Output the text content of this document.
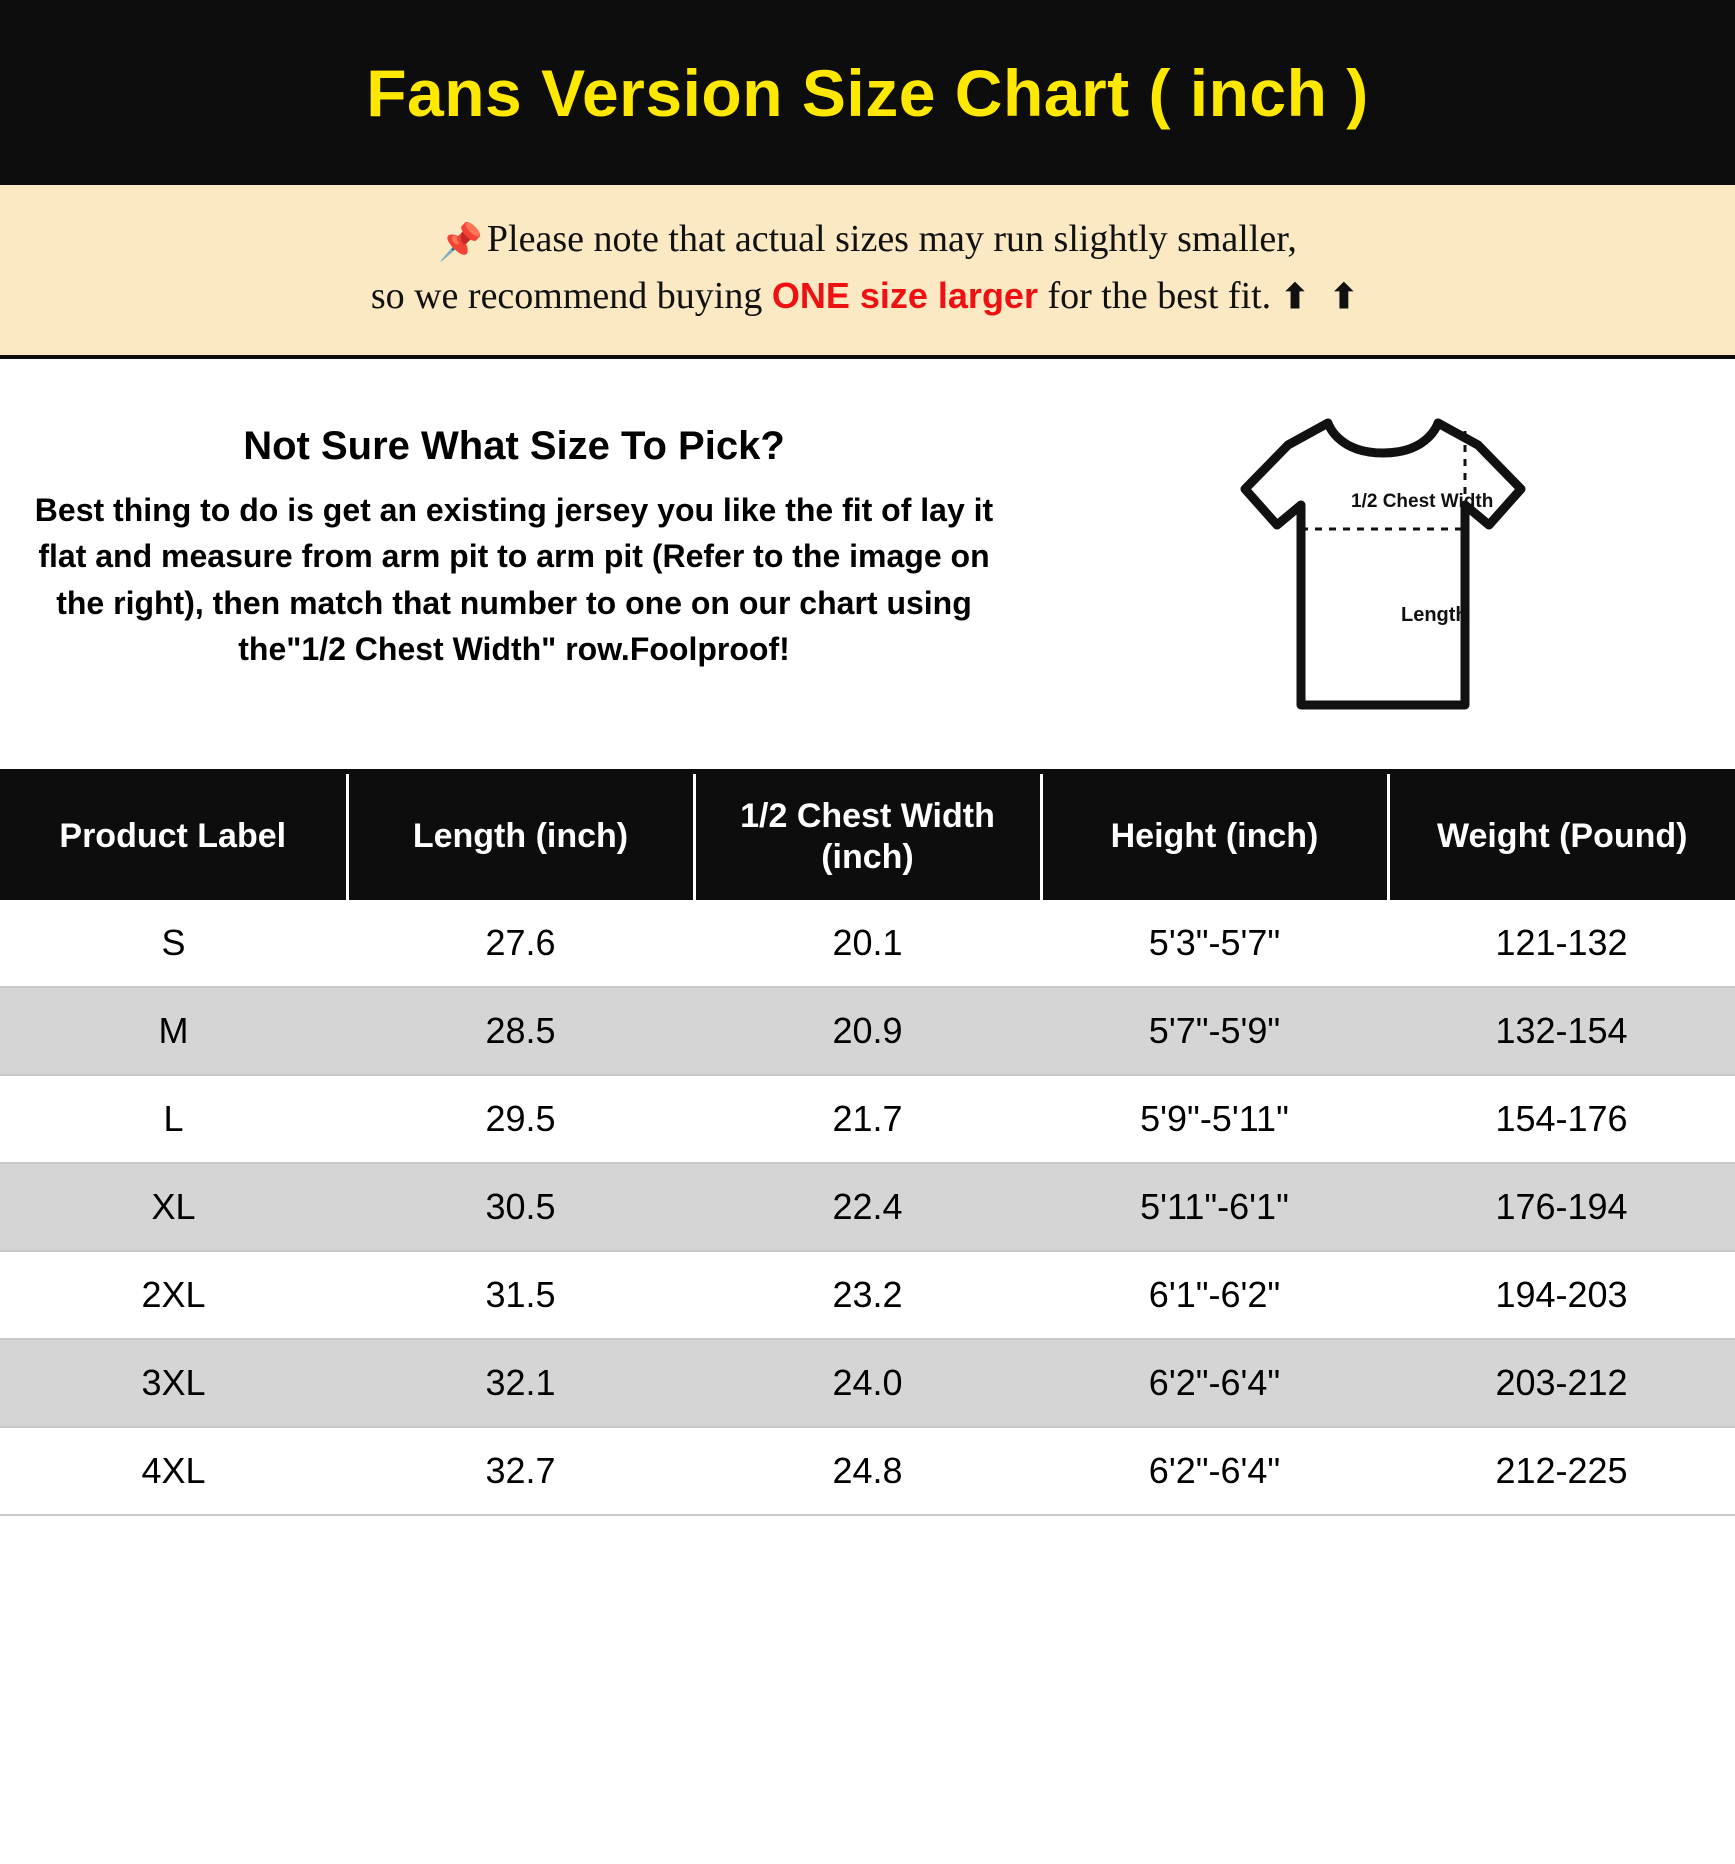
Fans Version Size Chart ( inch )
📌 Please note that actual sizes may run slightly smaller,
so we recommend buying ONE size larger for the best fit. ⬆ ⬆
Not Sure What Size To Pick?

Best thing to do is get an existing jersey you like the fit of lay it flat and measure from arm pit to arm pit (Refer to the image on the right), then match that number to one on our chart using the"1/2 Chest Width" row.Foolproof!

1/2 Chest Width
Length
Product Label	Length (inch)	1/2 Chest Width (inch)	Height (inch)	Weight (Pound)
S	27.6	20.1	5'3"-5'7"	121-132
M	28.5	20.9	5'7"-5'9"	132-154
L	29.5	21.7	5'9"-5'11"	154-176
XL	30.5	22.4	5'11"-6'1"	176-194
2XL	31.5	23.2	6'1"-6'2"	194-203
3XL	32.1	24.0	6'2"-6'4"	203-212
4XL	32.7	24.8	6'2"-6'4"	212-225
